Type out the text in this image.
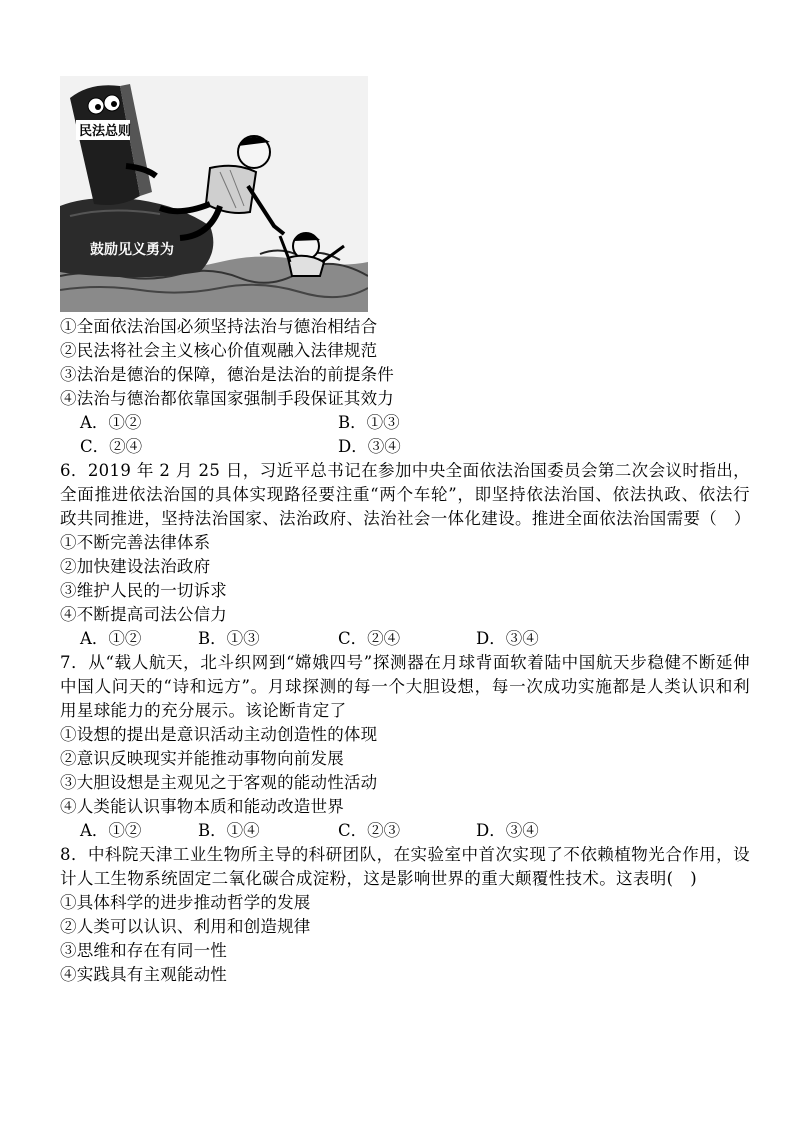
鼓励见义勇为
民法总则
①全面依法治国必须坚持法治与德治相结合
②民法将社会主义核心价值观融入法律规范
③法治是德治的保障，德治是法治的前提条件
④法治与德治都依靠国家强制手段保证其效力
A．①②	B．①③
C．②④	D．③④
6．2019 年 2 月 25 日，习近平总书记在参加中央全面依法治国委员会第二次会议时指出，全面推进依法治国的具体实现路径要注重“两个车轮”，即坚持依法治国、依法执政、依法行政共同推进，坚持法治国家、法治政府、法治社会一体化建设。推进全面依法治国需要（　）
①不断完善法律体系
②加快建设法治政府
③维护人民的一切诉求
④不断提高司法公信力
A．①②	B．①③	C．②④	D．③④
7．从“载人航天，北斗织网到“嫦娥四号”探测器在月球背面软着陆中国航天步稳健不断延伸中国人问天的“诗和远方”。月球探测的每一个大胆设想，每一次成功实施都是人类认识和利用星球能力的充分展示。该论断肯定了
①设想的提出是意识活动主动创造性的体现
②意识反映现实并能推动事物向前发展
③大胆设想是主观见之于客观的能动性活动
④人类能认识事物本质和能动改造世界
A．①②	B．①④	C．②③	D．③④
8．中科院天津工业生物所主导的科研团队，在实验室中首次实现了不依赖植物光合作用，设计人工生物系统固定二氧化碳合成淀粉，这是影响世界的重大颠覆性技术。这表明(　)
①具体科学的进步推动哲学的发展
②人类可以认识、利用和创造规律
③思维和存在有同一性
④实践具有主观能动性
